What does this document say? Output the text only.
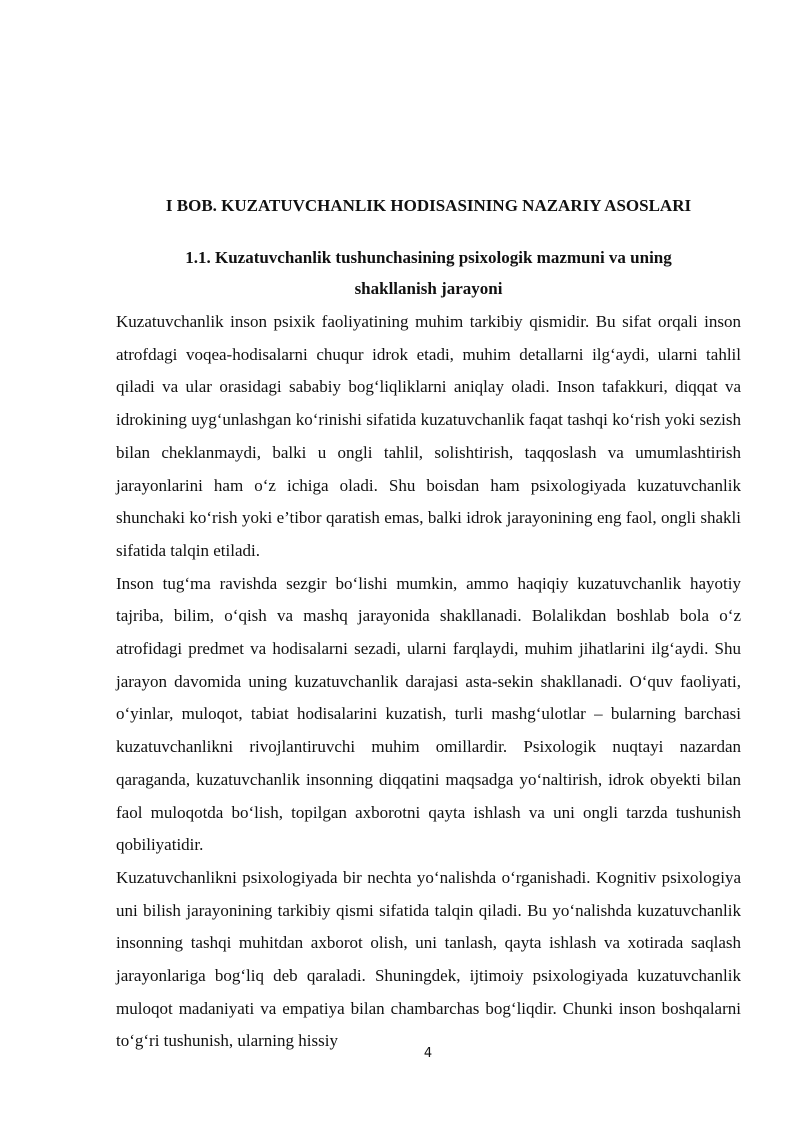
I BOB. KUZATUVCHANLIK HODISASINING NAZARIY ASOSLARI
1.1. Kuzatuvchanlik tushunchasining psixologik mazmuni va uning
shakllanish jarayoni

Kuzatuvchanlik inson psixik faoliyatining muhim tarkibiy qismidir. Bu sifat orqali inson atrofdagi voqea-hodisalarni chuqur idrok etadi, muhim detallarni ilg‘aydi, ularni tahlil qiladi va ular orasidagi sababiy bog‘liqliklarni aniqlay oladi. Inson tafakkuri, diqqat va idrokining uyg‘unlashgan ko‘rinishi sifatida kuzatuvchanlik faqat tashqi ko‘rish yoki sezish bilan cheklanmaydi, balki u ongli tahlil, solishtirish, taqqoslash va umumlashtirish jarayonlarini ham o‘z ichiga oladi. Shu boisdan ham psixologiyada kuzatuvchanlik shunchaki ko‘rish yoki e’tibor qaratish emas, balki idrok jarayonining eng faol, ongli shakli sifatida talqin etiladi.

Inson tug‘ma ravishda sezgir bo‘lishi mumkin, ammo haqiqiy kuzatuvchanlik hayotiy tajriba, bilim, o‘qish va mashq jarayonida shakllanadi. Bolalikdan boshlab bola o‘z atrofidagi predmet va hodisalarni sezadi, ularni farqlaydi, muhim jihatlarini ilg‘aydi. Shu jarayon davomida uning kuzatuvchanlik darajasi asta-sekin shakllanadi. O‘quv faoliyati, o‘yinlar, muloqot, tabiat hodisalarini kuzatish, turli mashg‘ulotlar – bularning barchasi kuzatuvchanlikni rivojlantiruvchi muhim omillardir. Psixologik nuqtayi nazardan qaraganda, kuzatuvchanlik insonning diqqatini maqsadga yo‘naltirish, idrok obyekti bilan faol muloqotda bo‘lish, topilgan axborotni qayta ishlash va uni ongli tarzda tushunish qobiliyatidir.

Kuzatuvchanlikni psixologiyada bir nechta yo‘nalishda o‘rganishadi. Kognitiv psixologiya uni bilish jarayonining tarkibiy qismi sifatida talqin qiladi. Bu yo‘nalishda kuzatuvchanlik insonning tashqi muhitdan axborot olish, uni tanlash, qayta ishlash va xotirada saqlash jarayonlariga bog‘liq deb qaraladi. Shuningdek, ijtimoiy psixologiyada kuzatuvchanlik muloqot madaniyati va empatiya bilan chambarchas bog‘liqdir. Chunki inson boshqalarni to‘g‘ri tushunish, ularning hissiy

4
